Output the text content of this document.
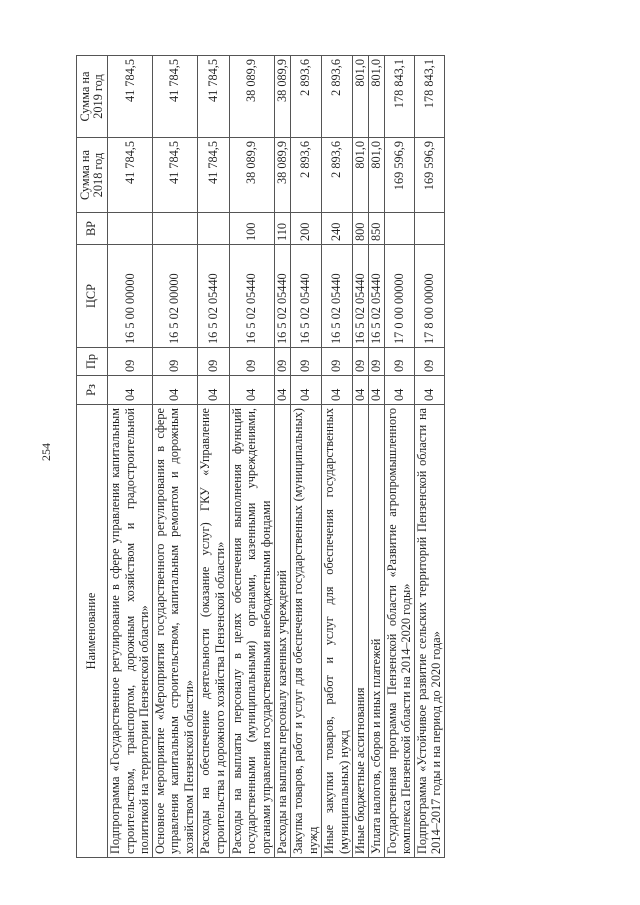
254
Наименование	Рз	Пр	ЦСР	ВР	Сумма на 2018 год	Сумма на 2019 год
Подпрограмма «Государственное регулирование в сфере управления капитальным строительством, транспортом, дорожным хозяйством и градостроительной политикой на территории Пензенской области»	04	09	16 5 00 00000		41 784,5	41 784,5
Основное мероприятие «Мероприятия государственного регулирования в сфере управления капитальным строительством, капитальным ремонтом и дорожным хозяйством Пензенской области»	04	09	16 5 02 00000		41 784,5	41 784,5
Расходы на обеспечение деятельности (оказание услуг) ГКУ «Управление строительства и дорожного хозяйства Пензенской области»	04	09	16 5 02 05440		41 784,5	41 784,5
Расходы на выплаты персоналу в целях обеспечения выполнения функций государственными (муниципальными) органами, казенными учреждениями, органами управления государственными внебюджетными фондами	04	09	16 5 02 05440	100	38 089,9	38 089,9
Расходы на выплаты персоналу казенных учреждений	04	09	16 5 02 05440	110	38 089,9	38 089,9
Закупка товаров, работ и услуг для обеспечения государственных (муниципальных) нужд	04	09	16 5 02 05440	200	2 893,6	2 893,6
Иные закупки товаров, работ и услуг для обеспечения государственных (муниципальных) нужд	04	09	16 5 02 05440	240	2 893,6	2 893,6
Иные бюджетные ассигнования	04	09	16 5 02 05440	800	801,0	801,0
Уплата налогов, сборов и иных платежей	04	09	16 5 02 05440	850	801,0	801,0
Государственная программа Пензенской области «Развитие агропромышленного комплекса Пензенской области на 2014–2020 годы»	04	09	17 0 00 00000		169 596,9	178 843,1
Подпрограмма «Устойчивое развитие сельских территорий Пензенской области на 2014–2017 годы и на период до 2020 года»	04	09	17 8 00 00000		169 596,9	178 843,1
